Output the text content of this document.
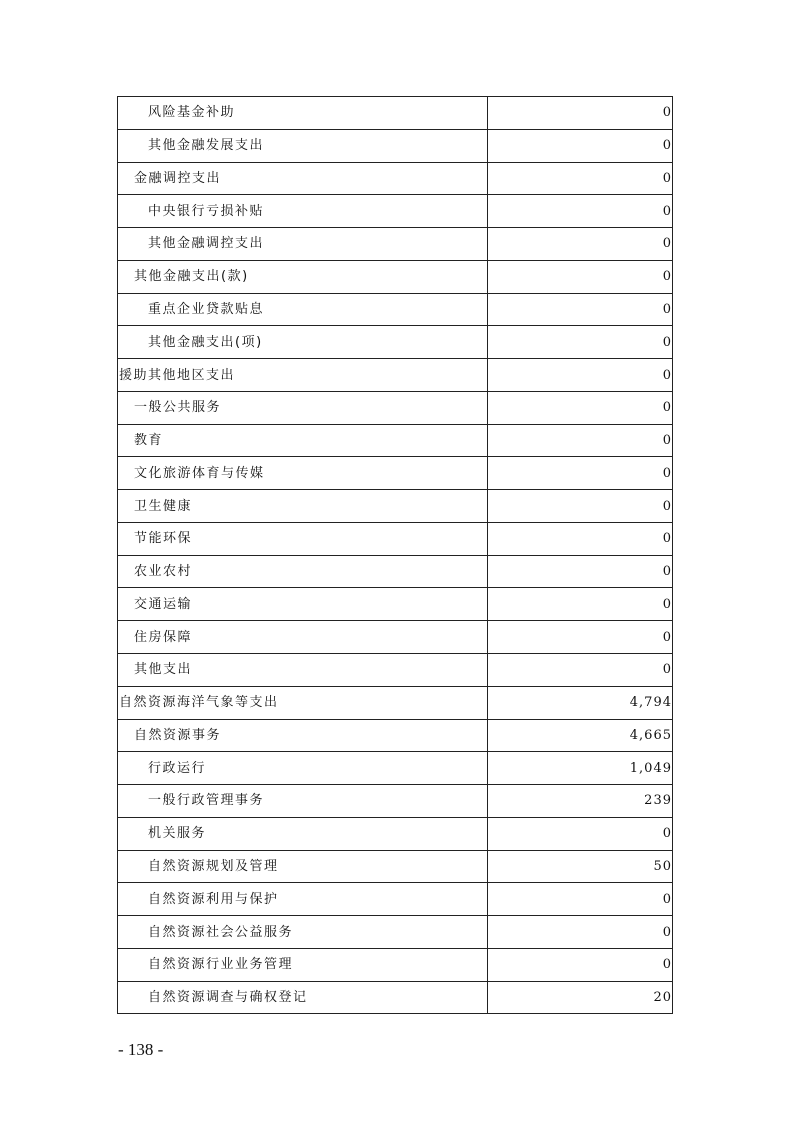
风险基金补助	0
其他金融发展支出	0
金融调控支出	0
中央银行亏损补贴	0
其他金融调控支出	0
其他金融支出(款)	0
重点企业贷款贴息	0
其他金融支出(项)	0
援助其他地区支出	0
一般公共服务	0
教育	0
文化旅游体育与传媒	0
卫生健康	0
节能环保	0
农业农村	0
交通运输	0
住房保障	0
其他支出	0
自然资源海洋气象等支出	4,794
自然资源事务	4,665
行政运行	1,049
一般行政管理事务	239
机关服务	0
自然资源规划及管理	50
自然资源利用与保护	0
自然资源社会公益服务	0
自然资源行业业务管理	0
自然资源调查与确权登记	20
- 138 -
